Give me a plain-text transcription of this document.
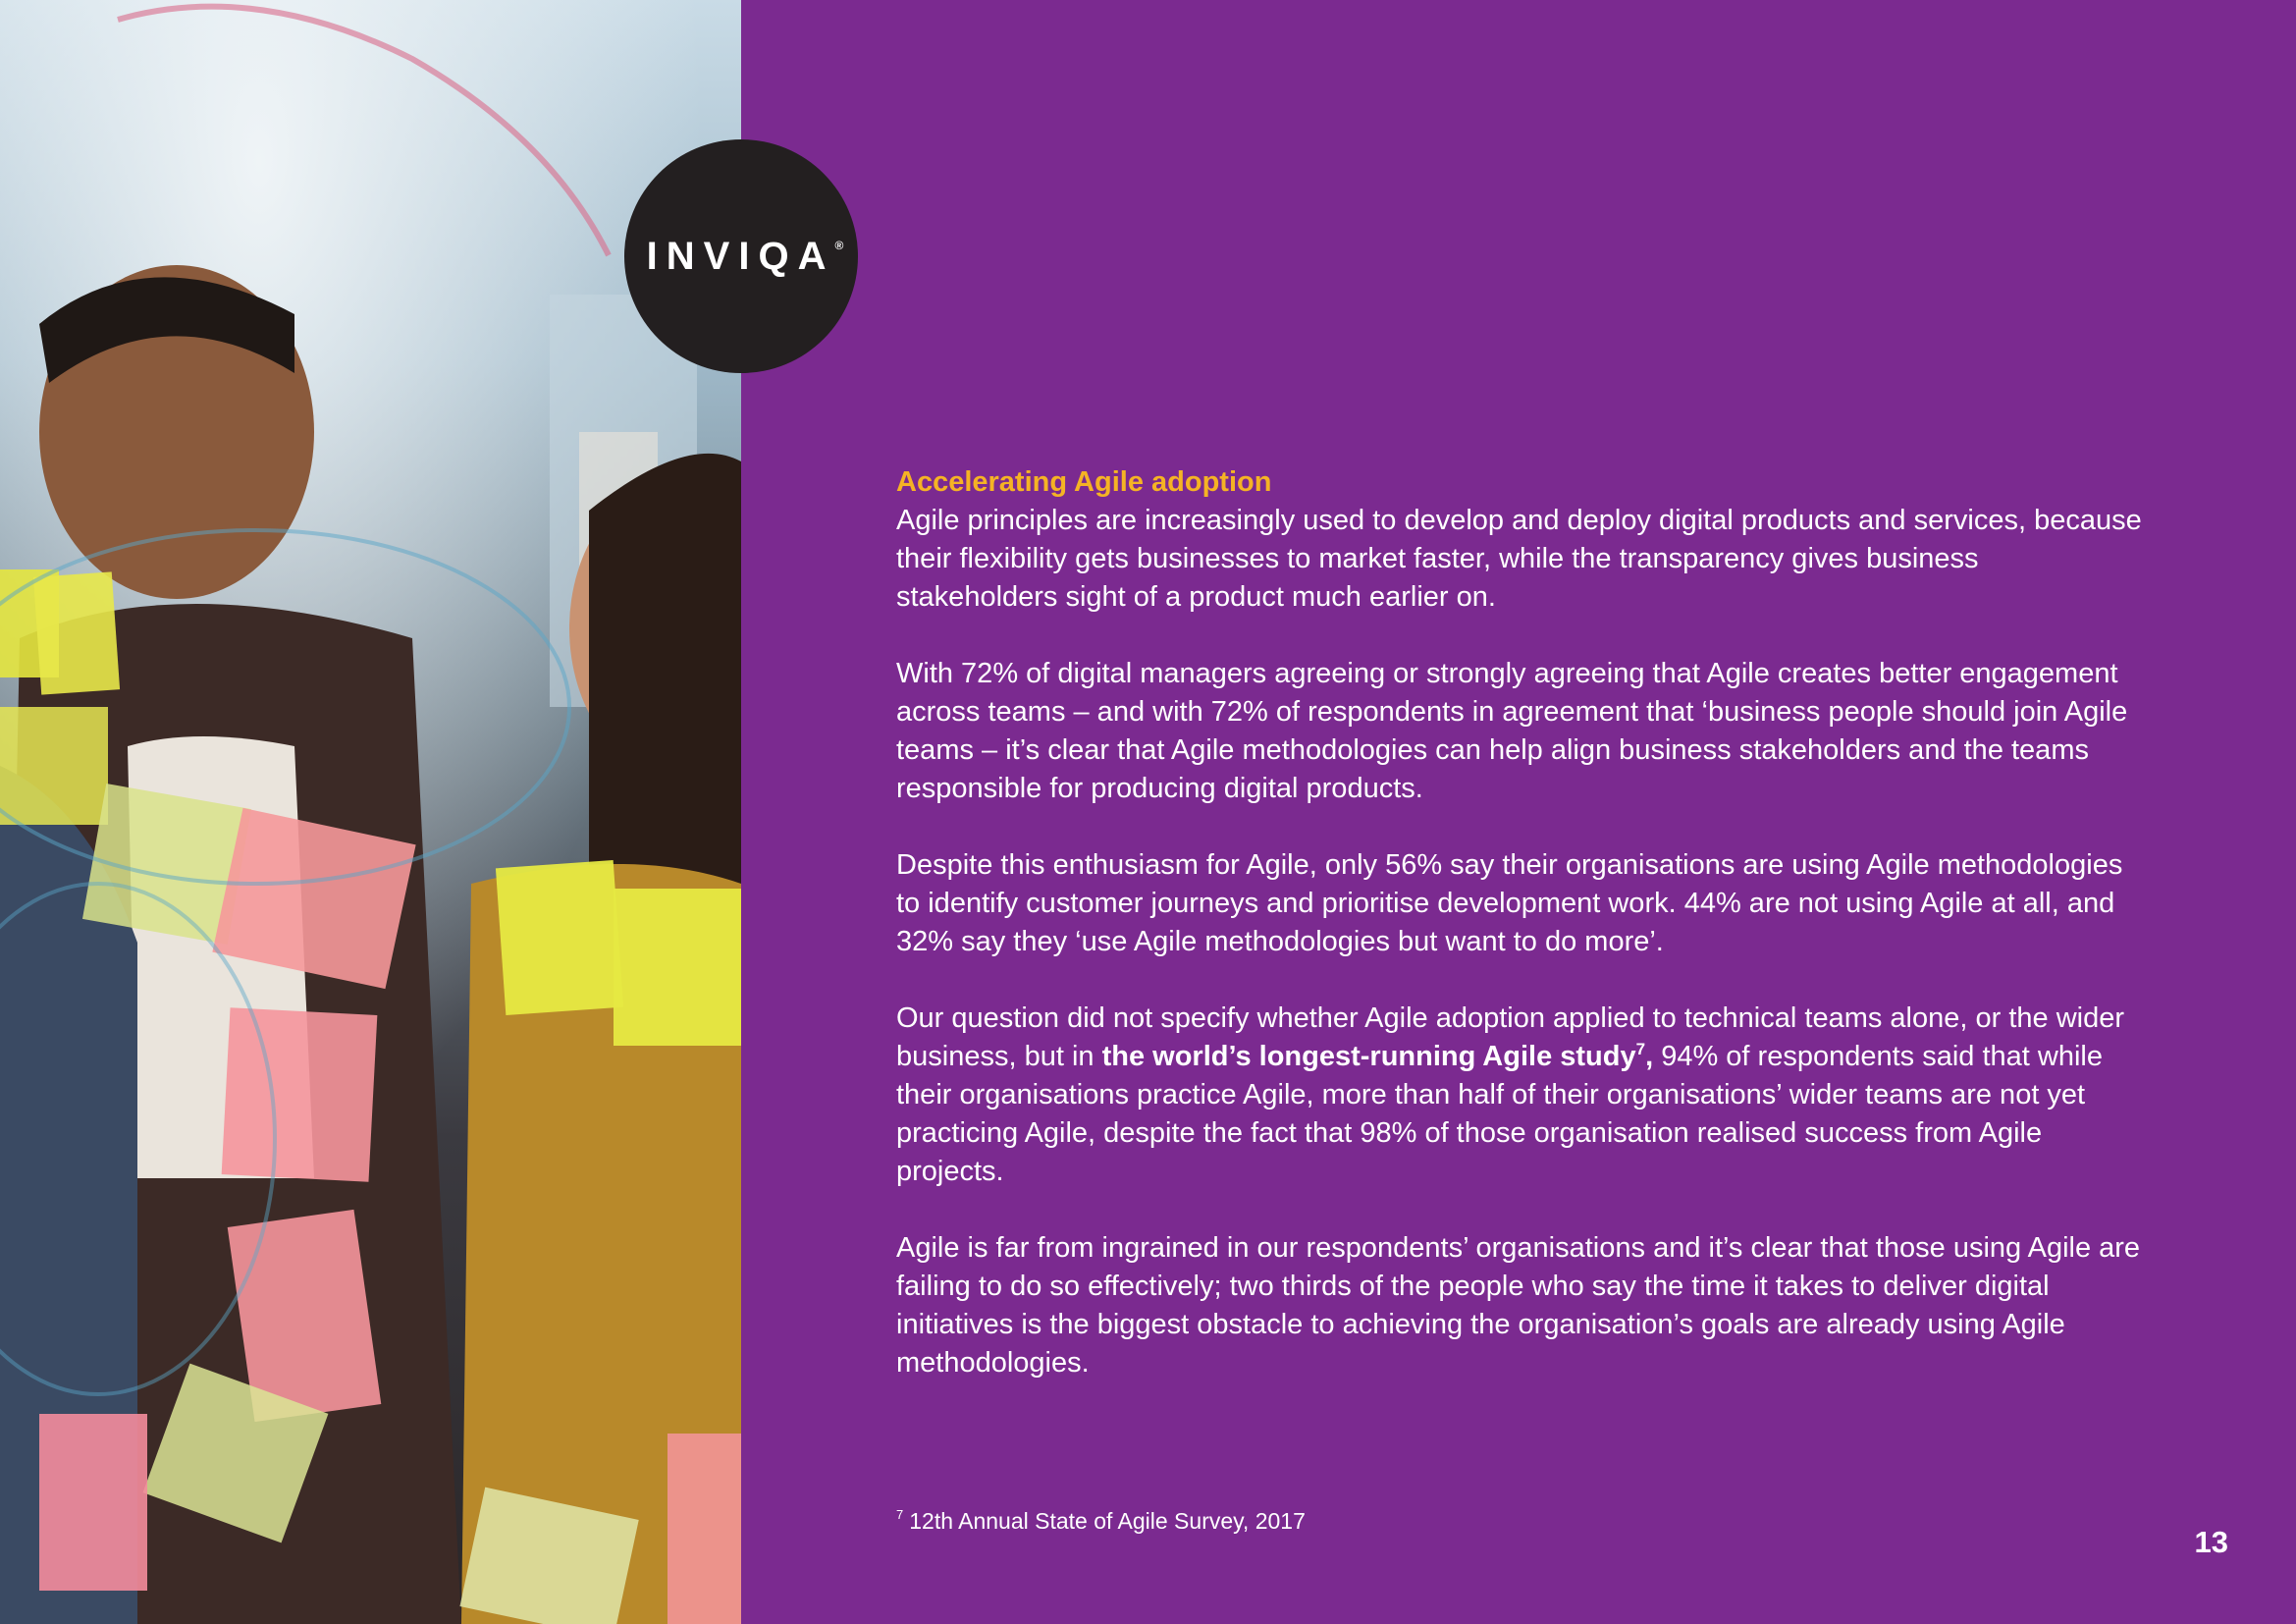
INVIQA®
Accelerating Agile adoption

Agile principles are increasingly used to develop and deploy digital products and services, because their flexibility gets businesses to market faster, while the transparency gives business stakeholders sight of a product much earlier on.

With 72% of digital managers agreeing or strongly agreeing that Agile creates better engagement across teams – and with 72% of respondents in agreement that ‘business people should join Agile teams – it’s clear that Agile methodologies can help align business stakeholders and the teams responsible for producing digital products.

Despite this enthusiasm for Agile, only 56% say their organisations are using Agile methodologies to identify customer journeys and prioritise development work. 44% are not using Agile at all, and 32% say they ‘use Agile methodologies but want to do more’.

Our question did not specify whether Agile adoption applied to technical teams alone, or the wider business, but in the world’s longest-running Agile study$^7$, 94% of respondents said that while their organisations practice Agile, more than half of their organisations’ wider teams are not yet practicing Agile, despite the fact that 98% of those organisation realised success from Agile projects.

Agile is far from ingrained in our respondents’ organisations and it’s clear that those using Agile are failing to do so effectively; two thirds of the people who say the time it takes to deliver digital initiatives is the biggest obstacle to achieving the organisation’s goals are already using Agile methodologies.

$^7$ 12th Annual State of Agile Survey, 2017
13
